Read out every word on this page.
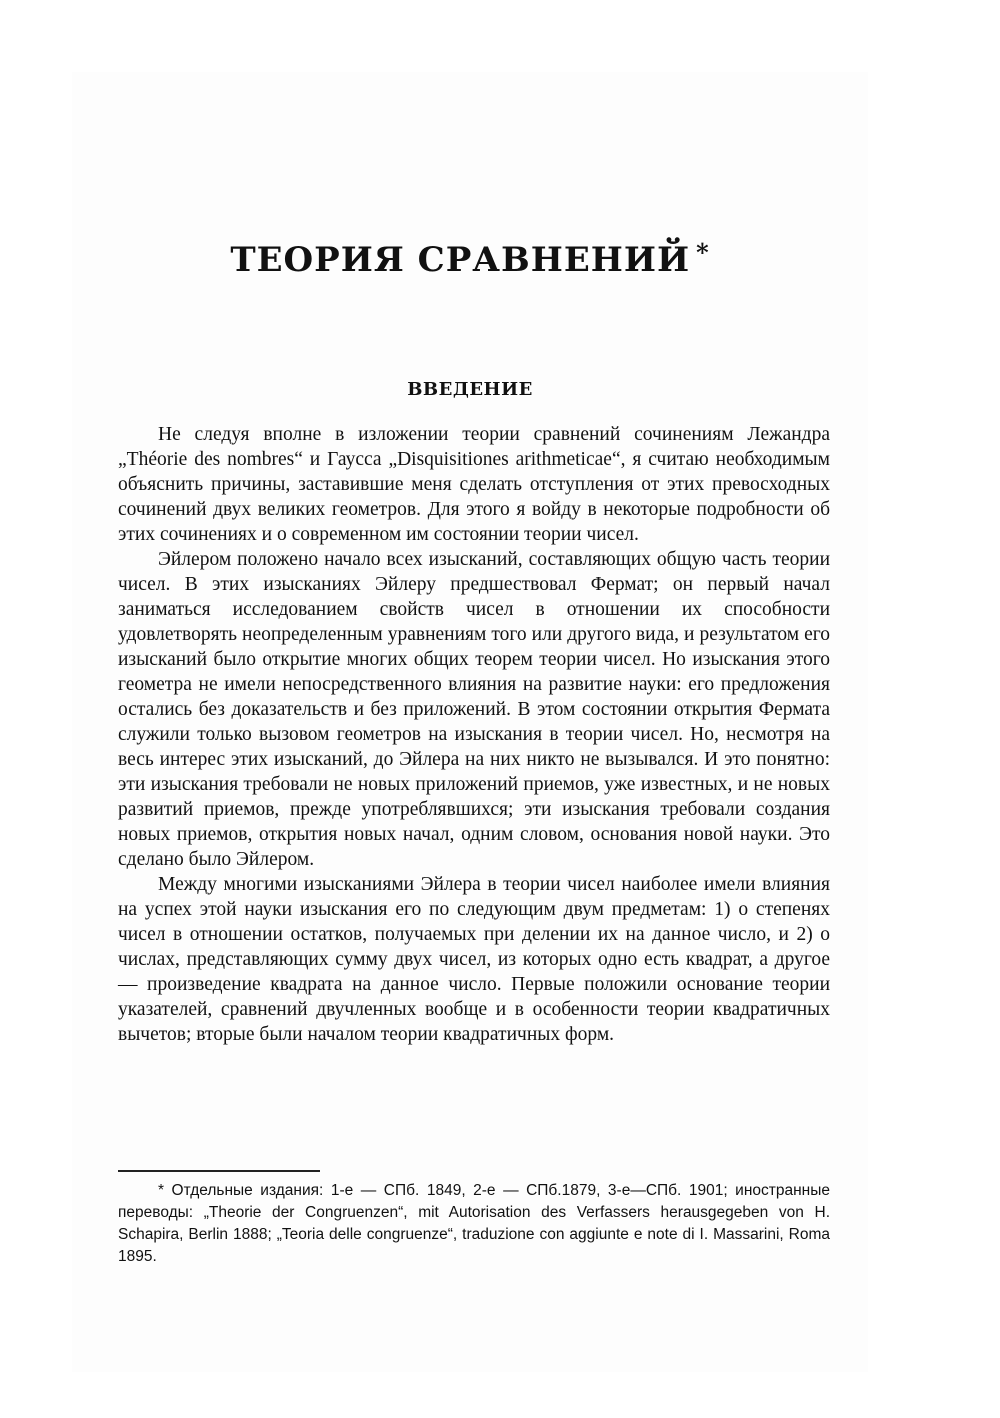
ТЕОРИЯ СРАВНЕНИЙ *
ВВЕДЕНИЕ

Не следуя вполне в изложении теории сравнений сочинениям Лежандра „Théorie des nombres“ и Гаусса „Disquisitiones arithmeticae“, я считаю необходимым объяснить причины, заставившие меня сделать отступления от этих превосходных сочинений двух великих геометров. Для этого я войду в некоторые подробности об этих сочинениях и о современном им состоянии теории чисел.

Эйлером положено начало всех изысканий, составляющих общую часть теории чисел. В этих изысканиях Эйлеру предшествовал Фермат; он первый начал заниматься исследованием свойств чисел в отношении их способности удовлетворять неопределенным уравнениям того или другого вида, и результатом его изысканий было открытие многих общих теорем теории чисел. Но изыскания этого геометра не имели непосредственного влияния на развитие науки: его предложения остались без доказательств и без приложений. В этом состоянии открытия Фермата служили только вызовом геометров на изыскания в теории чисел. Но, несмотря на весь интерес этих изысканий, до Эйлера на них никто не вызывался. И это понятно: эти изыскания требовали не новых приложений приемов, уже известных, и не новых развитий приемов, прежде употреблявшихся; эти изыскания требовали создания новых приемов, открытия новых начал, одним словом, основания новой науки. Это сделано было Эйлером.

Между многими изысканиями Эйлера в теории чисел наиболее имели влияния на успех этой науки изыскания его по следующим двум предметам: 1) о степенях чисел в отношении остатков, получаемых при делении их на данное число, и 2) о числах, представляющих сумму двух чисел, из которых одно есть квадрат, а другое — произведение квадрата на данное число. Первые положили основание теории указателей, сравнений двучленных вообще и в особенности теории квадратичных вычетов; вторые были началом теории квадратичных форм.

* Отдельные издания: 1-е — СПб. 1849, 2-е — СПб.1879, 3-е—СПб. 1901; иностранные переводы: „Theorie der Congruenzen“, mit Autorisation des Verfassers herausgegeben von H. Schapira, Berlin 1888; „Teoria delle congruenze“, traduzione con aggiunte e note di I. Massarini, Roma 1895.
